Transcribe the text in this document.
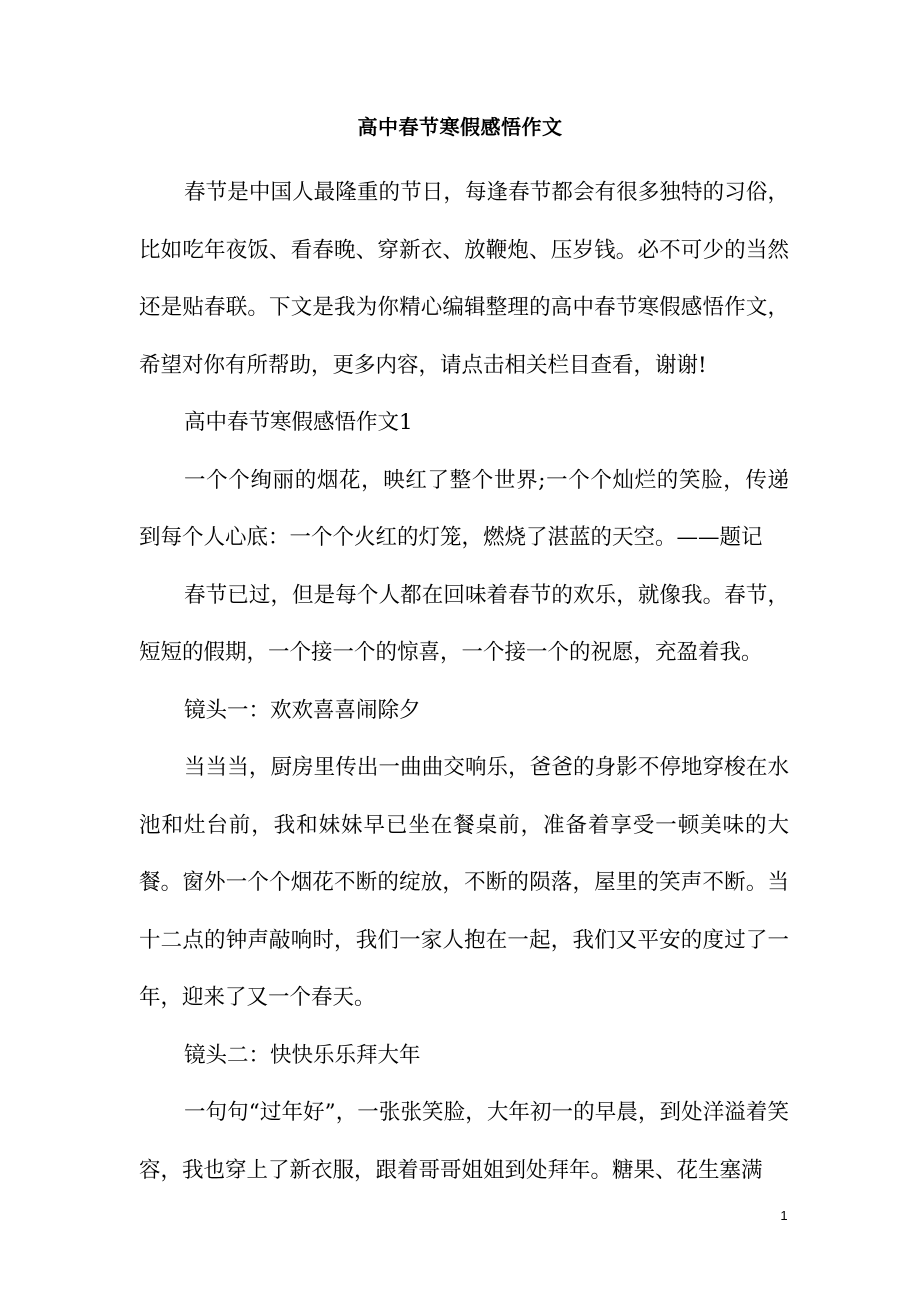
高中春节寒假感悟作文

春节是中国人最隆重的节日，每逢春节都会有很多独特的习俗，比如吃年夜饭、看春晚、穿新衣、放鞭炮、压岁钱。必不可少的当然还是贴春联。下文是我为你精心编辑整理的高中春节寒假感悟作文，希望对你有所帮助，更多内容，请点击相关栏目查看，谢谢!

高中春节寒假感悟作文1

一个个绚丽的烟花，映红了整个世界;一个个灿烂的笑脸，传递到每个人心底：一个个火红的灯笼，燃烧了湛蓝的天空。——题记

春节已过，但是每个人都在回味着春节的欢乐，就像我。春节，短短的假期，一个接一个的惊喜，一个接一个的祝愿，充盈着我。

镜头一：欢欢喜喜闹除夕

当当当，厨房里传出一曲曲交响乐，爸爸的身影不停地穿梭在水池和灶台前，我和妹妹早已坐在餐桌前，准备着享受一顿美味的大餐。窗外一个个烟花不断的绽放，不断的陨落，屋里的笑声不断。当十二点的钟声敲响时，我们一家人抱在一起，我们又平安的度过了一年，迎来了又一个春天。

镜头二：快快乐乐拜大年

一句句“过年好”，一张张笑脸，大年初一的早晨，到处洋溢着笑容，我也穿上了新衣服，跟着哥哥姐姐到处拜年。糖果、花生塞满

1
